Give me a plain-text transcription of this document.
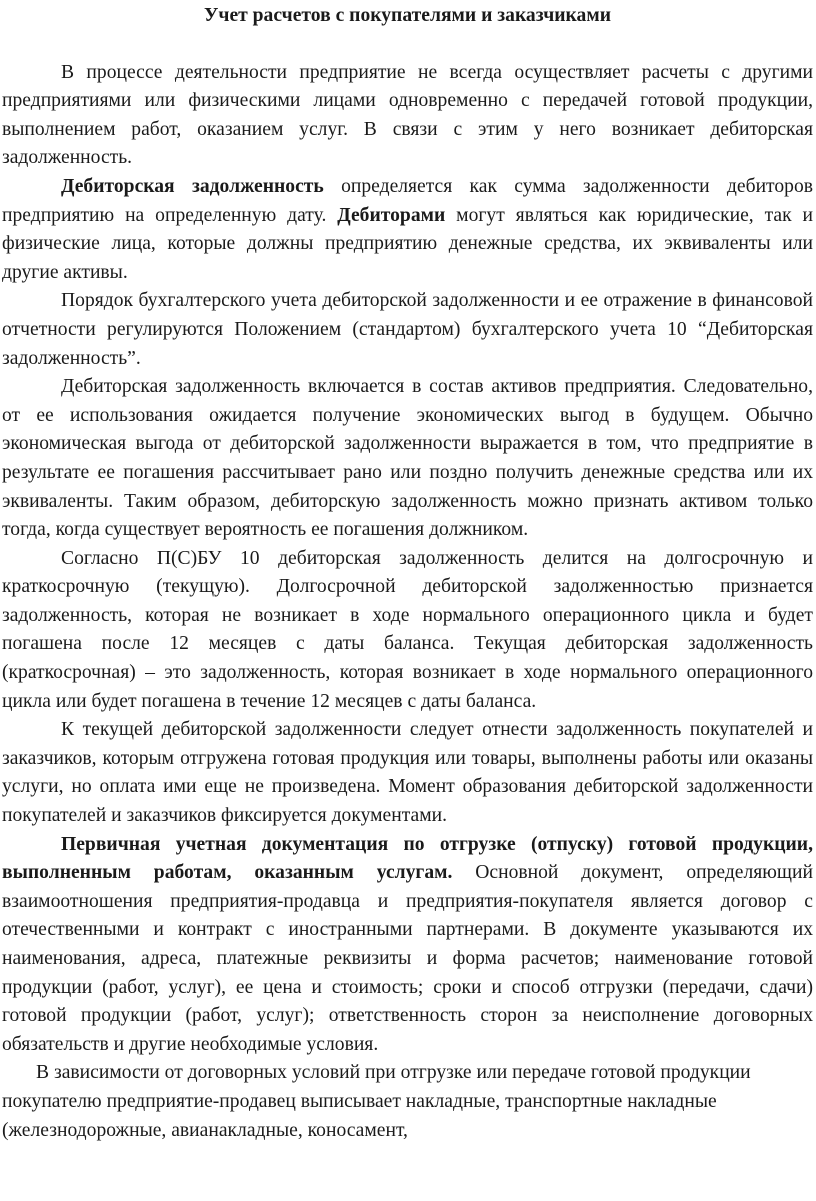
Учет расчетов с покупателями и заказчиками

В процессе деятельности предприятие не всегда осуществляет расчеты с другими предприятиями или физическими лицами одновременно с передачей готовой продукции, выполнением работ, оказанием услуг. В связи с этим у него возникает дебиторская задолженность.

Дебиторская задолженность определяется как сумма задолженности дебиторов предприятию на определенную дату. Дебиторами могут являться как юридические, так и физические лица, которые должны предприятию денежные средства, их эквиваленты или другие активы.

Порядок бухгалтерского учета дебиторской задолженности и ее отражение в финансовой отчетности регулируются Положением (стандартом) бухгалтерского учета 10 “Дебиторская задолженность”.

Дебиторская задолженность включается в состав активов предприятия. Следовательно, от ее использования ожидается получение экономических выгод в будущем. Обычно экономическая выгода от дебиторской задолженности выражается в том, что предприятие в результате ее погашения рассчитывает рано или поздно получить денежные средства или их эквиваленты. Таким образом, дебиторскую задолженность можно признать активом только тогда, когда существует вероятность ее погашения должником.

Согласно П(С)БУ 10 дебиторская задолженность делится на долгосрочную и краткосрочную (текущую). Долгосрочной дебиторской задолженностью признается задолженность, которая не возникает в ходе нормального операционного цикла и будет погашена после 12 месяцев с даты баланса. Текущая дебиторская задолженность (краткосрочная) – это задолженность, которая возникает в ходе нормального операционного цикла или будет погашена в течение 12 месяцев с даты баланса.

К текущей дебиторской задолженности следует отнести задолженность покупателей и заказчиков, которым отгружена готовая продукция или товары, выполнены работы или оказаны услуги, но оплата ими еще не произведена. Момент образования дебиторской задолженности покупателей и заказчиков фиксируется документами.

Первичная учетная документация по отгрузке (отпуску) готовой продукции, выполненным работам, оказанным услугам. Основной документ, определяющий взаимоотношения предприятия-продавца и предприятия-покупателя является договор с отечественными и контракт с иностранными партнерами. В документе указываются их наименования, адреса, платежные реквизиты и форма расчетов; наименование готовой продукции (работ, услуг), ее цена и стоимость; сроки и способ отгрузки (передачи, сдачи) готовой продукции (работ, услуг); ответственность сторон за неисполнение договорных обязательств и другие необходимые условия.

В зависимости от договорных условий при отгрузке или передаче готовой продукции покупателю предприятие-продавец выписывает накладные, транспортные накладные (железнодорожные, авианакладные, коносамент,
